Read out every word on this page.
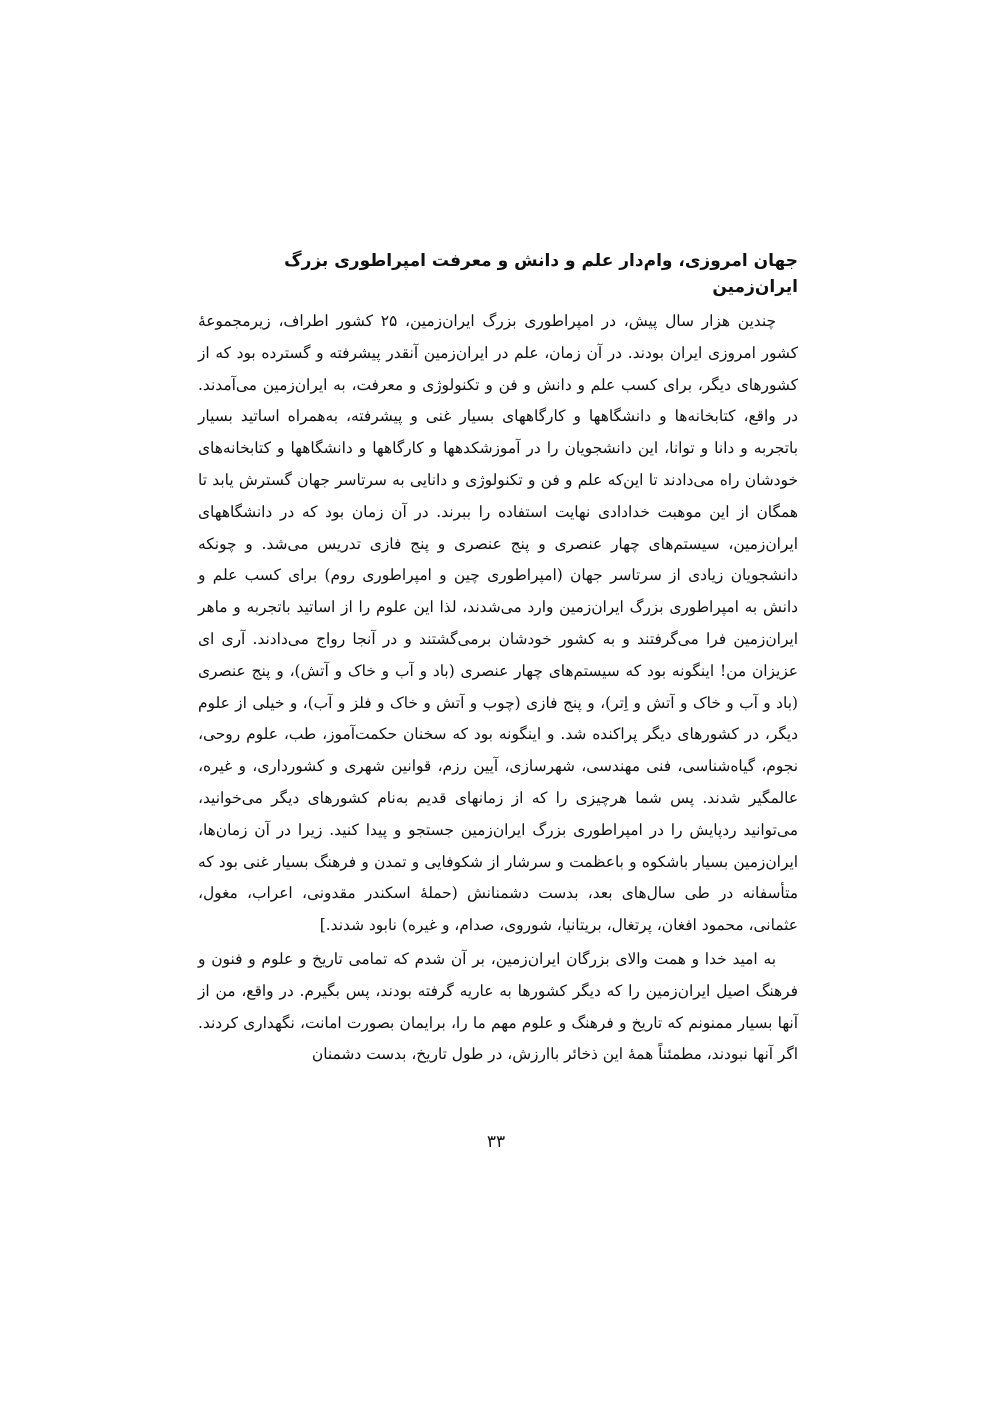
جهان امروزی، وام‌دار علم و دانش و معرفت امپراطوری بزرگ ایران‌زمین

چندین هزار سال پیش، در امپراطوری بزرگ ایران‌زمین، ۲۵ کشور اطراف، زیرمجموعهٔ کشور امروزی ایران بودند. در آن زمان، علم در ایران‌زمین آنقدر پیشرفته و گسترده بود که از کشورهای دیگر، برای کسب علم و دانش و فن و تکنولوژی و معرفت، به ایران‌زمین می‌آمدند. در واقع، کتابخانه‌ها و دانشگاهها و کارگاههای بسیار غنی و پیشرفته، به‌همراه اساتید بسیار باتجربه و دانا و توانا، این دانشجویان را در آموزشکدهها و کارگاهها و دانشگاهها و کتابخانه‌های خودشان راه می‌دادند تا این‌که علم و فن و تکنولوژی و دانایی به سرتاسر جهان گسترش یابد تا همگان از این موهبت خدادادی نهایت استفاده را ببرند. در آن زمان بود که در دانشگاههای ایران‌زمین، سیستم‌های چهار عنصری و پنج عنصری و پنج فازی تدریس می‌شد. و چونکه دانشجویان زیادی از سرتاسر جهان (امپراطوری چین و امپراطوری روم) برای کسب علم و دانش به امپراطوری بزرگ ایران‌زمین وارد می‌شدند، لذا این علوم را از اساتید باتجربه و ماهر ایران‌زمین فرا می‌گرفتند و به کشور خودشان برمی‌گشتند و در آنجا رواج می‌دادند. آری ای عزیزان من! اینگونه بود که سیستم‌های چهار عنصری (باد و آب و خاک و آتش)، و پنج عنصری (باد و آب و خاک و آتش و اِتر)، و پنج فازی (چوب و آتش و خاک و فلز و آب)، و خیلی از علوم دیگر، در کشورهای دیگر پراکنده شد. و اینگونه بود که سخنان حکمت‌آموز، طب، علوم روحی، نجوم، گیاه‌شناسی، فنی مهندسی، شهرسازی، آیین رزم، قوانین شهری و کشورداری، و غیره، عالمگیر شدند. پس شما هرچیزی را که از زمانهای قدیم به‌نام کشورهای دیگر می‌خوانید، می‌توانید ردپایش را در امپراطوری بزرگ ایران‌زمین جستجو و پیدا کنید. زیرا در آن زمان‌ها، ایران‌زمین بسیار باشکوه و باعظمت و سرشار از شکوفایی و تمدن و فرهنگ بسیار غنی بود که متأسفانه در طی سال‌های بعد، بدست دشمنانش (حملهٔ اسکندر مقدونی، اعراب، مغول، عثمانی، محمود افغان، پرتغال، بریتانیا، شوروی، صدام، و غیره) نابود شدند.]

به امید خدا و همت والای بزرگان ایران‌زمین، بر آن شدم که تمامی تاریخ و علوم و فنون و فرهنگ اصیل ایران‌زمین را که دیگر کشورها به عاریه گرفته بودند، پس بگیرم. در واقع، من از آنها بسیار ممنونم که تاریخ و فرهنگ و علوم مهم ما را، برایمان بصورت امانت، نگهداری کردند. اگر آنها نبودند، مطمئناً همهٔ این ذخائر باارزش، در طول تاریخ، بدست دشمنان

۳۳
